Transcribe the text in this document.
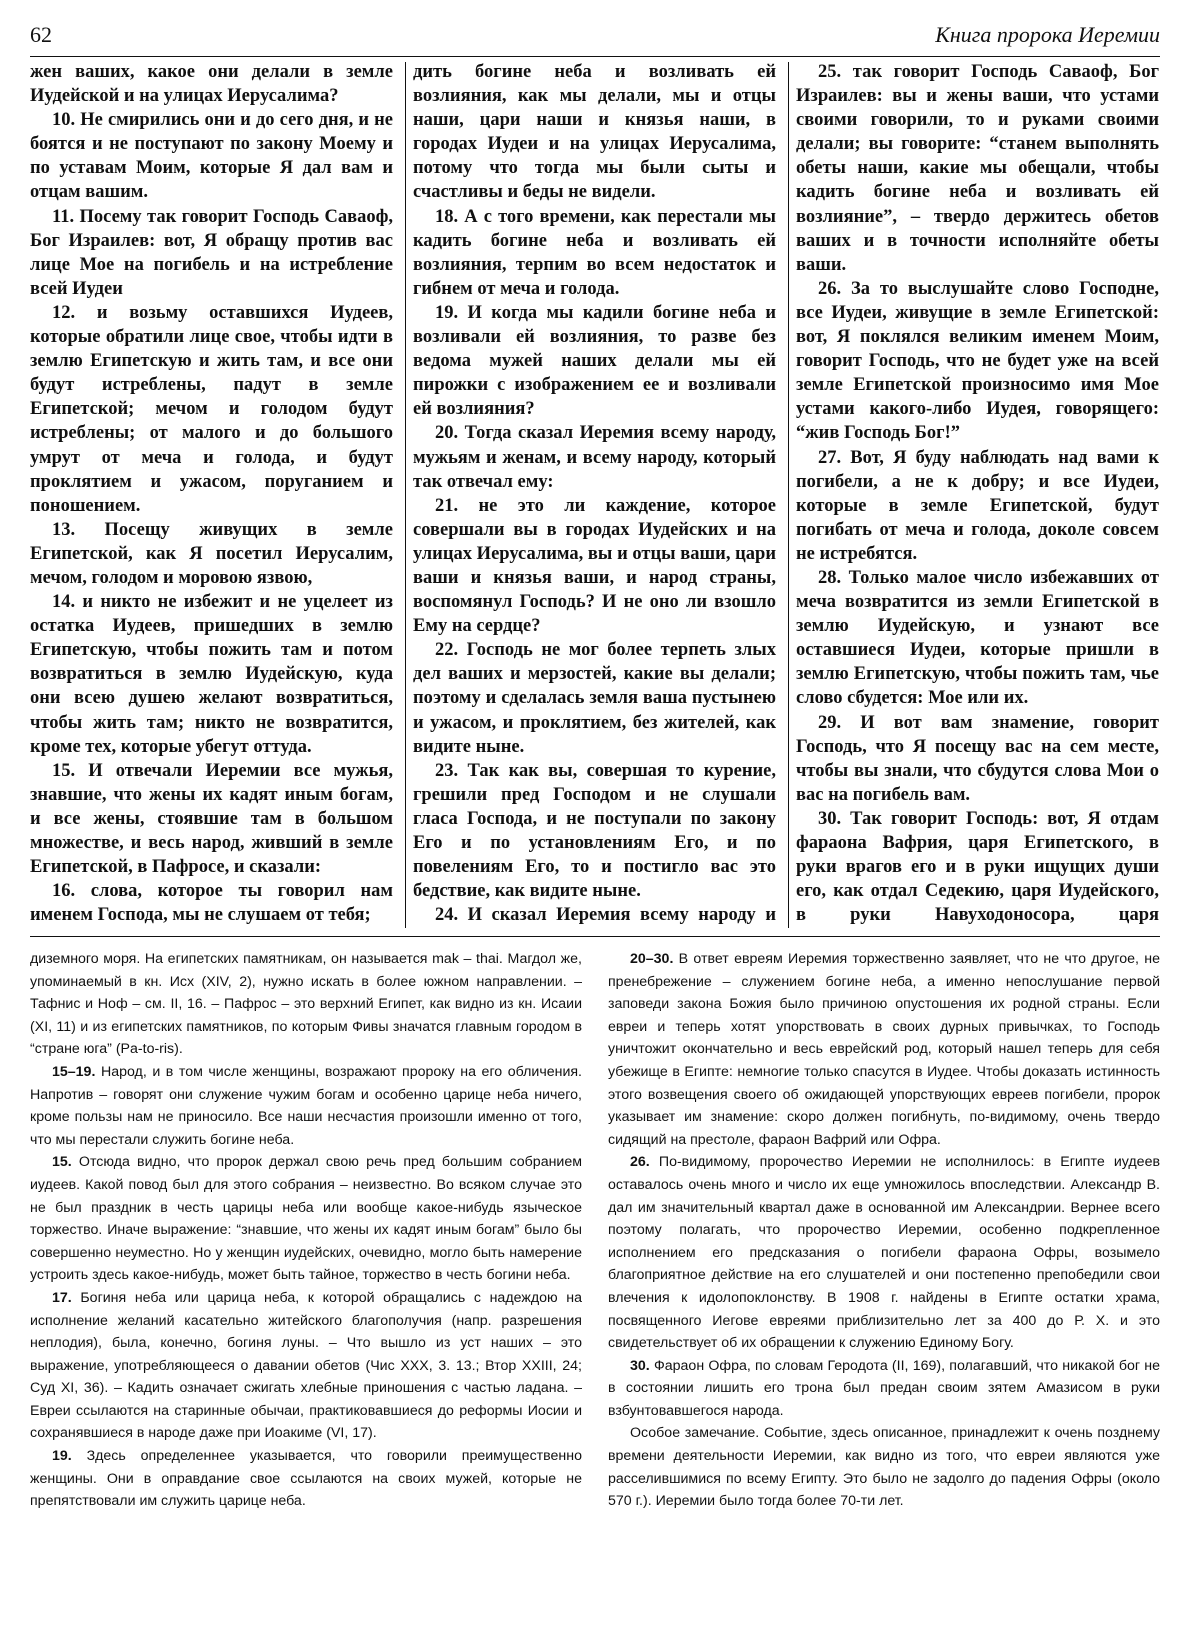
62	Книга пророка Иеремии

жен ваших, какое они делали в земле Иудейской и на улицах Иерусалима?

10. Не смирились они и до сего дня, и не боятся и не поступают по закону Моему и по уставам Моим, которые Я дал вам и отцам вашим.

11. Посему так говорит Господь Саваоф, Бог Израилев: вот, Я обращу против вас лице Мое на погибель и на истребление всей Иудеи

12. и возьму оставшихся Иудеев, которые обратили лице свое, чтобы идти в землю Египетскую и жить там, и все они будут истреблены, падут в земле Египетской; мечом и голодом будут истреблены; от малого и до большого умрут от меча и голода, и будут проклятием и ужасом, поруганием и поношением.

13. Посещу живущих в земле Египетской, как Я посетил Иерусалим, мечом, голодом и моровою язвою,

14. и никто не избежит и не уцелеет из остатка Иудеев, пришедших в землю Египетскую, чтобы пожить там и потом возвратиться в землю Иудейскую, куда они всею душею желают возвратиться, чтобы жить там; никто не возвратится, кроме тех, которые убегут оттуда.

15. И отвечали Иеремии все мужья, знавшие, что жены их кадят иным богам, и все жены, стоявшие там в большом множестве, и весь народ, живший в земле Египетской, в Пафросе, и сказали:

16. слова, которое ты говорил нам именем Господа, мы не слушаем от тебя;

дить богине неба и возливать ей возлияния, как мы делали, мы и отцы наши, цари наши и князья наши, в городах Иудеи и на улицах Иерусалима, потому что тогда мы были сыты и счастливы и беды не видели.

18. А с того времени, как перестали мы кадить богине неба и возливать ей возлияния, терпим во всем недостаток и гибнем от меча и голода.

19. И когда мы кадили богине неба и возливали ей возлияния, то разве без ведома мужей наших делали мы ей пирожки с изображением ее и возливали ей возлияния?

20. Тогда сказал Иеремия всему народу, мужьям и женам, и всему народу, который так отвечал ему:

21. не это ли каждение, которое совершали вы в городах Иудейских и на улицах Иерусалима, вы и отцы ваши, цари ваши и князья ваши, и народ страны, воспомянул Господь? И не оно ли взошло Ему на сердце?

22. Господь не мог более терпеть злых дел ваших и мерзостей, какие вы делали; поэтому и сделалась земля ваша пустынею и ужасом, и проклятием, без жителей, как видите ныне.

23. Так как вы, совершая то курение, грешили пред Господом и не слушали гласа Господа, и не поступали по закону Его и по установлениям Его, и по повелениям Его, то и постигло вас это бедствие, как видите ныне.

24. И сказал Иеремия всему народу и

25. так говорит Господь Саваоф, Бог Израилев: вы и жены ваши, что устами своими говорили, то и руками своими делали; вы говорите: “станем выполнять обеты наши, какие мы обещали, чтобы кадить богине неба и возливать ей возлияние”, – твердо держитесь обетов ваших и в точности исполняйте обеты ваши.

26. За то выслушайте слово Господне, все Иудеи, живущие в земле Египетской: вот, Я поклялся великим именем Моим, говорит Господь, что не будет уже на всей земле Египетской произносимо имя Мое устами какого-либо Иудея, говорящего: “жив Господь Бог!”

27. Вот, Я буду наблюдать над вами к погибели, а не к добру; и все Иудеи, которые в земле Египетской, будут погибать от меча и голода, доколе совсем не истребятся.

28. Только малое число избежавших от меча возвратится из земли Египетской в землю Иудейскую, и узнают все оставшиеся Иудеи, которые пришли в землю Египетскую, чтобы пожить там, чье слово сбудется: Мое или их.

29. И вот вам знамение, говорит Господь, что Я посещу вас на сем месте, чтобы вы знали, что сбудутся слова Мои о вас на погибель вам.

30. Так говорит Господь: вот, Я отдам фараона Вафрия, царя Египетского, в руки врагов его и в руки ищущих души его, как отдал Седекию, царя Иудейского, в руки Навуходоносора, царя

диземного моря. На египетских памятникам, он называется mak – thai. Магдол же, упоминаемый в кн. Исх (XIV, 2), нужно искать в более южном направлении. – Тафнис и Ноф – см. II, 16. – Пафрос – это верхний Египет, как видно из кн. Исаии (XI, 11) и из египетских памятников, по которым Фивы значатся главным городом в “стране юга” (Pa-to-ris).

15–19. Народ, и в том числе женщины, возражают пророку на его обличения. Напротив – говорят они служение чужим богам и особенно царице неба ничего, кроме пользы нам не приносило. Все наши несчастия произошли именно от того, что мы перестали служить богине неба.

15. Отсюда видно, что пророк держал свою речь пред большим собранием иудеев. Какой повод был для этого собрания – неизвестно. Во всяком случае это не был праздник в честь царицы неба или вообще какое-нибудь языческое торжество. Иначе выражение: “знавшие, что жены их кадят иным богам” было бы совершенно неуместно. Но у женщин иудейских, очевидно, могло быть намерение устроить здесь какое-нибудь, может быть тайное, торжество в честь богини неба.

17. Богиня неба или царица неба, к которой обращались с надеждою на исполнение желаний касательно житейского благополучия (напр. разрешения неплодия), была, конечно, богиня луны. – Что вышло из уст наших – это выражение, употребляющееся о давании обетов (Чис XXX, 3. 13.; Втор XXIII, 24; Суд XI, 36). – Кадить означает сжигать хлебные приношения с частью ладана. – Евреи ссылаются на старинные обычаи, практиковавшиеся до реформы Иосии и сохранявшиеся в народе даже при Иоакиме (VI, 17).

19. Здесь определеннее указывается, что говорили преимущественно женщины. Они в оправдание свое ссылаются на своих мужей, которые не препятствовали им служить царице неба.

20–30. В ответ евреям Иеремия торжественно заявляет, что не что другое, не пренебрежение – служением богине неба, а именно непослушание первой заповеди закона Божия было причиною опустошения их родной страны. Если евреи и теперь хотят упорствовать в своих дурных привычках, то Господь уничтожит окончательно и весь еврейский род, который нашел теперь для себя убежище в Египте: немногие только спасутся в Иудее. Чтобы доказать истинность этого возвещения своего об ожидающей упорствующих евреев погибели, пророк указывает им знамение: скоро должен погибнуть, по-видимому, очень твердо сидящий на престоле, фараон Вафрий или Офра.

26. По-видимому, пророчество Иеремии не исполнилось: в Египте иудеев оставалось очень много и число их еще умножилось впоследствии. Александр В. дал им значительный квартал даже в основанной им Александрии. Вернее всего поэтому полагать, что пророчество Иеремии, особенно подкрепленное исполнением его предсказания о погибели фараона Офры, возымело благоприятное действие на его слушателей и они постепенно препобедили свои влечения к идолопоклонству. В 1908 г. найдены в Египте остатки храма, посвященного Иегове евреями приблизительно лет за 400 до Р. Х. и это свидетельствует об их обращении к служению Единому Богу.

30. Фараон Офра, по словам Геродота (II, 169), полагавший, что никакой бог не в состоянии лишить его трона был предан своим зятем Амазисом в руки взбунтовавшегося народа.

Особое замечание. Событие, здесь описанное, принадлежит к очень позднему времени деятельности Иеремии, как видно из того, что евреи являются уже расселившимися по всему Египту. Это было не задолго до падения Офры (около 570 г.). Иеремии было тогда более 70-ти лет.
